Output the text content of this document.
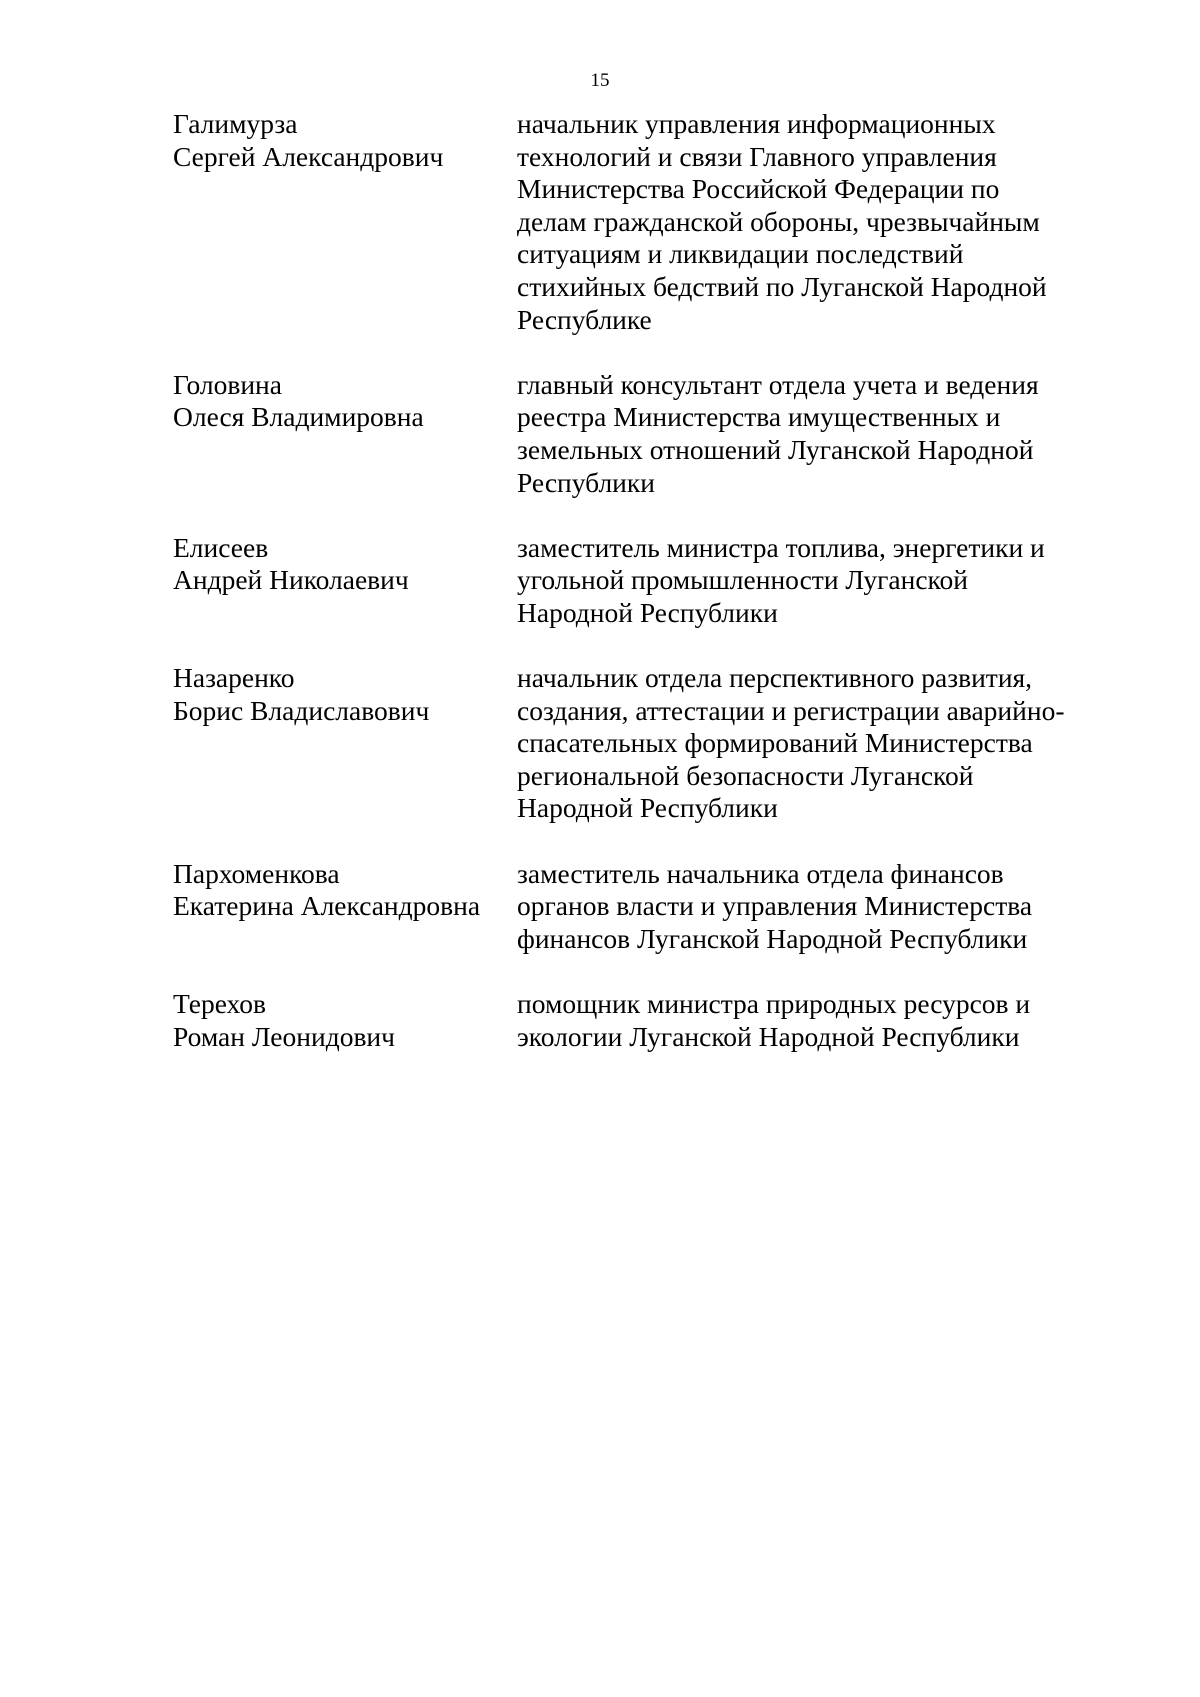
15
Галимурза
Сергей Александрович
начальник управления информационных
технологий и связи Главного управления
Министерства Российской Федерации по
делам гражданской обороны, чрезвычайным
ситуациям и ликвидации последствий
стихийных бедствий по Луганской Народной
Республике
Головина
Олеся Владимировна
главный консультант отдела учета и ведения
реестра Министерства имущественных и
земельных отношений Луганской Народной
Республики
Елисеев
Андрей Николаевич
заместитель министра топлива, энергетики и
угольной промышленности Луганской
Народной Республики
Назаренко
Борис Владиславович
начальник отдела перспективного развития,
создания, аттестации и регистрации аварийно-
спасательных формирований Министерства
региональной безопасности Луганской
Народной Республики
Пархоменкова
Екатерина Александровна
заместитель начальника отдела финансов
органов власти и управления Министерства
финансов Луганской Народной Республики
Терехов
Роман Леонидович
помощник министра природных ресурсов и
экологии Луганской Народной Республики
